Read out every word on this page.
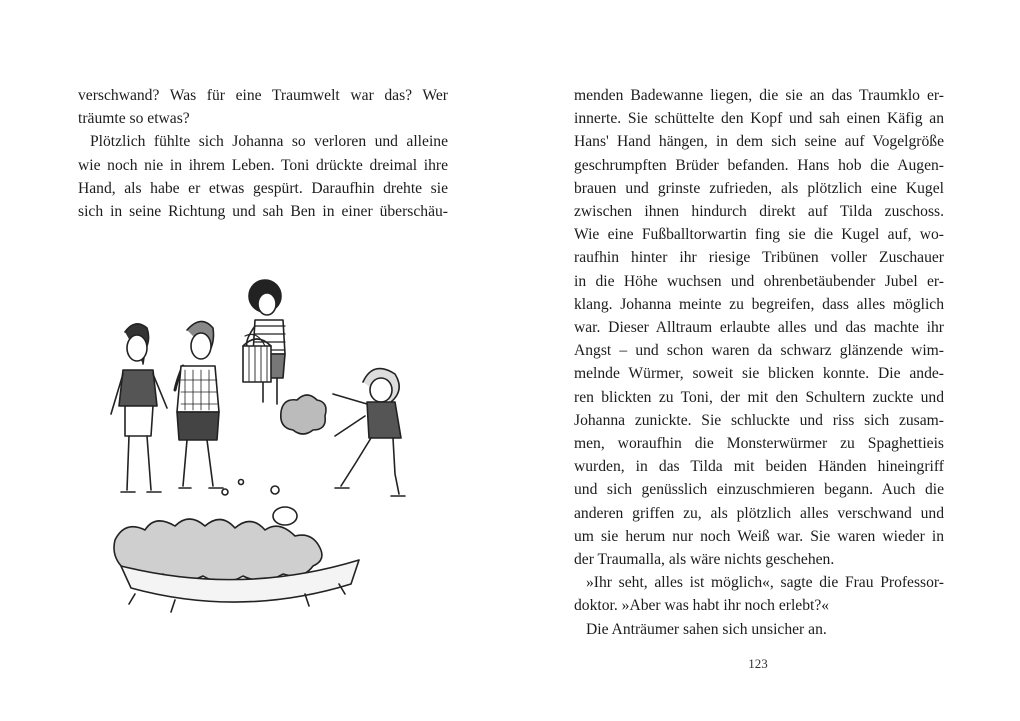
verschwand? Was für eine Traumwelt war das? Wer
träumte so etwas?
Plötzlich fühlte sich Johanna so verloren und alleine
wie noch nie in ihrem Leben. Toni drückte dreimal ihre
Hand, als habe er etwas gespürt. Daraufhin drehte sie
sich in seine Richtung und sah Ben in einer überschäu-
menden Badewanne liegen, die sie an das Traumklo er-
innerte. Sie schüttelte den Kopf und sah einen Käfig an
Hans' Hand hängen, in dem sich seine auf Vogelgröße
geschrumpften Brüder befanden. Hans hob die Augen-
brauen und grinste zufrieden, als plötzlich eine Kugel
zwischen ihnen hindurch direkt auf Tilda zuschoss.
Wie eine Fußballtorwartin fing sie die Kugel auf, wo-
raufhin hinter ihr riesige Tribünen voller Zuschauer
in die Höhe wuchsen und ohrenbetäubender Jubel er-
klang. Johanna meinte zu begreifen, dass alles möglich
war. Dieser Alltraum erlaubte alles und das machte ihr
Angst – und schon waren da schwarz glänzende wim-
melnde Würmer, soweit sie blicken konnte. Die ande-
ren blickten zu Toni, der mit den Schultern zuckte und
Johanna zunickte. Sie schluckte und riss sich zusam-
men, woraufhin die Monsterwürmer zu Spaghettieis
wurden, in das Tilda mit beiden Händen hineingriff
und sich genüsslich einzuschmieren begann. Auch die
anderen griffen zu, als plötzlich alles verschwand und
um sie herum nur noch Weiß war. Sie waren wieder in
der Traumalla, als wäre nichts geschehen.
»Ihr seht, alles ist möglich«, sagte die Frau Professor-
doktor. »Aber was habt ihr noch erlebt?«
Die Anträumer sahen sich unsicher an.
123
